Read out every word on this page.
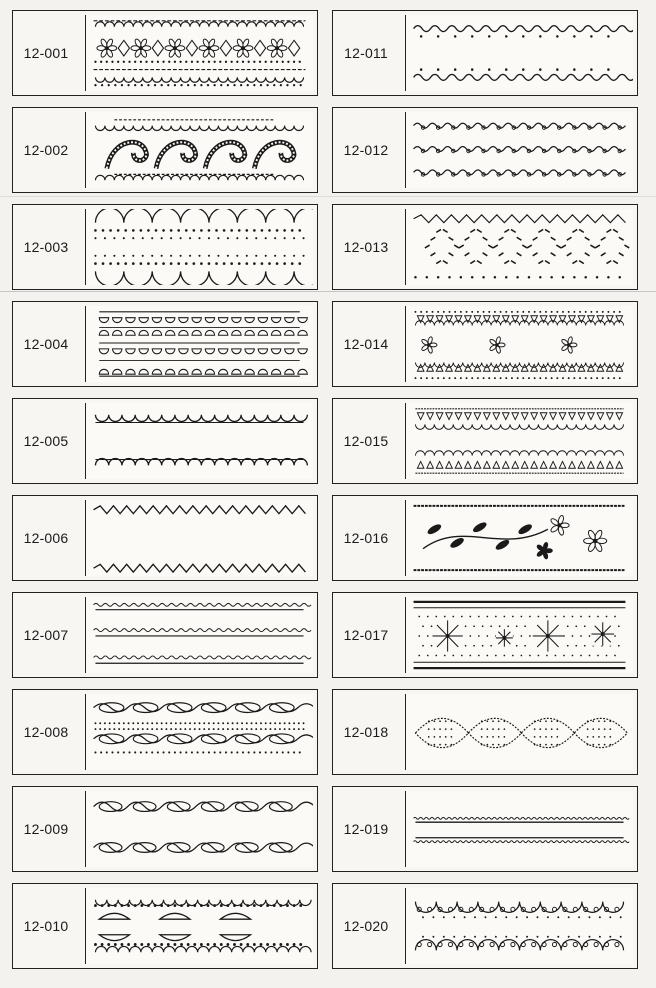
12-001
12-002
12-003
12-004
12-005
12-006
12-007
12-008
12-009
12-010
12-011
12-012
12-013
12-014
12-015
12-016
12-017
12-018
12-019
12-020
